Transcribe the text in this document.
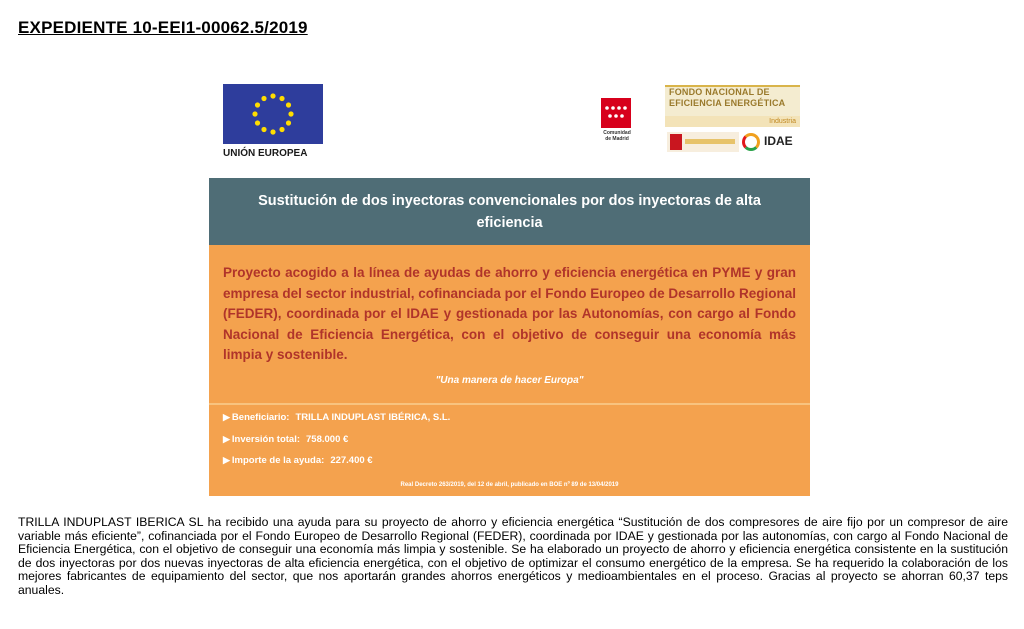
EXPEDIENTE 10-EEI1-00062.5/2019
UNIÓN EUROPEA
Comunidad
de Madrid
FONDO NACIONAL DE
EFICIENCIA ENERGÉTICA
Industria
IDAE
Sustitución de dos inyectoras convencionales por dos inyectoras de alta eficiencia

Proyecto acogido a la línea de ayudas de ahorro y eficiencia energética en PYME y gran empresa del sector industrial, cofinanciada por el Fondo Europeo de Desarrollo Regional (FEDER), coordinada por el IDAE y gestionada por las Autonomías, con cargo al Fondo Nacional de Eficiencia Energética, con el objetivo de conseguir una economía más limpia y sostenible.

"Una manera de hacer Europa"
▶ Beneficiario: TRILLA INDUPLAST IBÉRICA, S.L.
▶ Inversión total: 758.000 €
▶ Importe de la ayuda: 227.400 €
Real Decreto 263/2019, del 12 de abril, publicado en BOE nº 89 de 13/04/2019

TRILLA INDUPLAST IBERICA SL ha recibido una ayuda para su proyecto de ahorro y eficiencia energética “Sustitución de dos compresores de aire fijo por un compresor de aire variable más eficiente”, cofinanciada por el Fondo Europeo de Desarrollo Regional (FEDER), coordinada por IDAE y gestionada por las autonomías, con cargo al Fondo Nacional de Eficiencia Energética, con el objetivo de conseguir una economía más limpia y sostenible. Se ha elaborado un proyecto de ahorro y eficiencia energética consistente en la sustitución de dos inyectoras por dos nuevas inyectoras de alta eficiencia energética, con el objetivo de optimizar el consumo energético de la empresa. Se ha requerido la colaboración de los mejores fabricantes de equipamiento del sector, que nos aportarán grandes ahorros energéticos y medioambientales en el proceso. Gracias al proyecto se ahorran 60,37 teps anuales.
